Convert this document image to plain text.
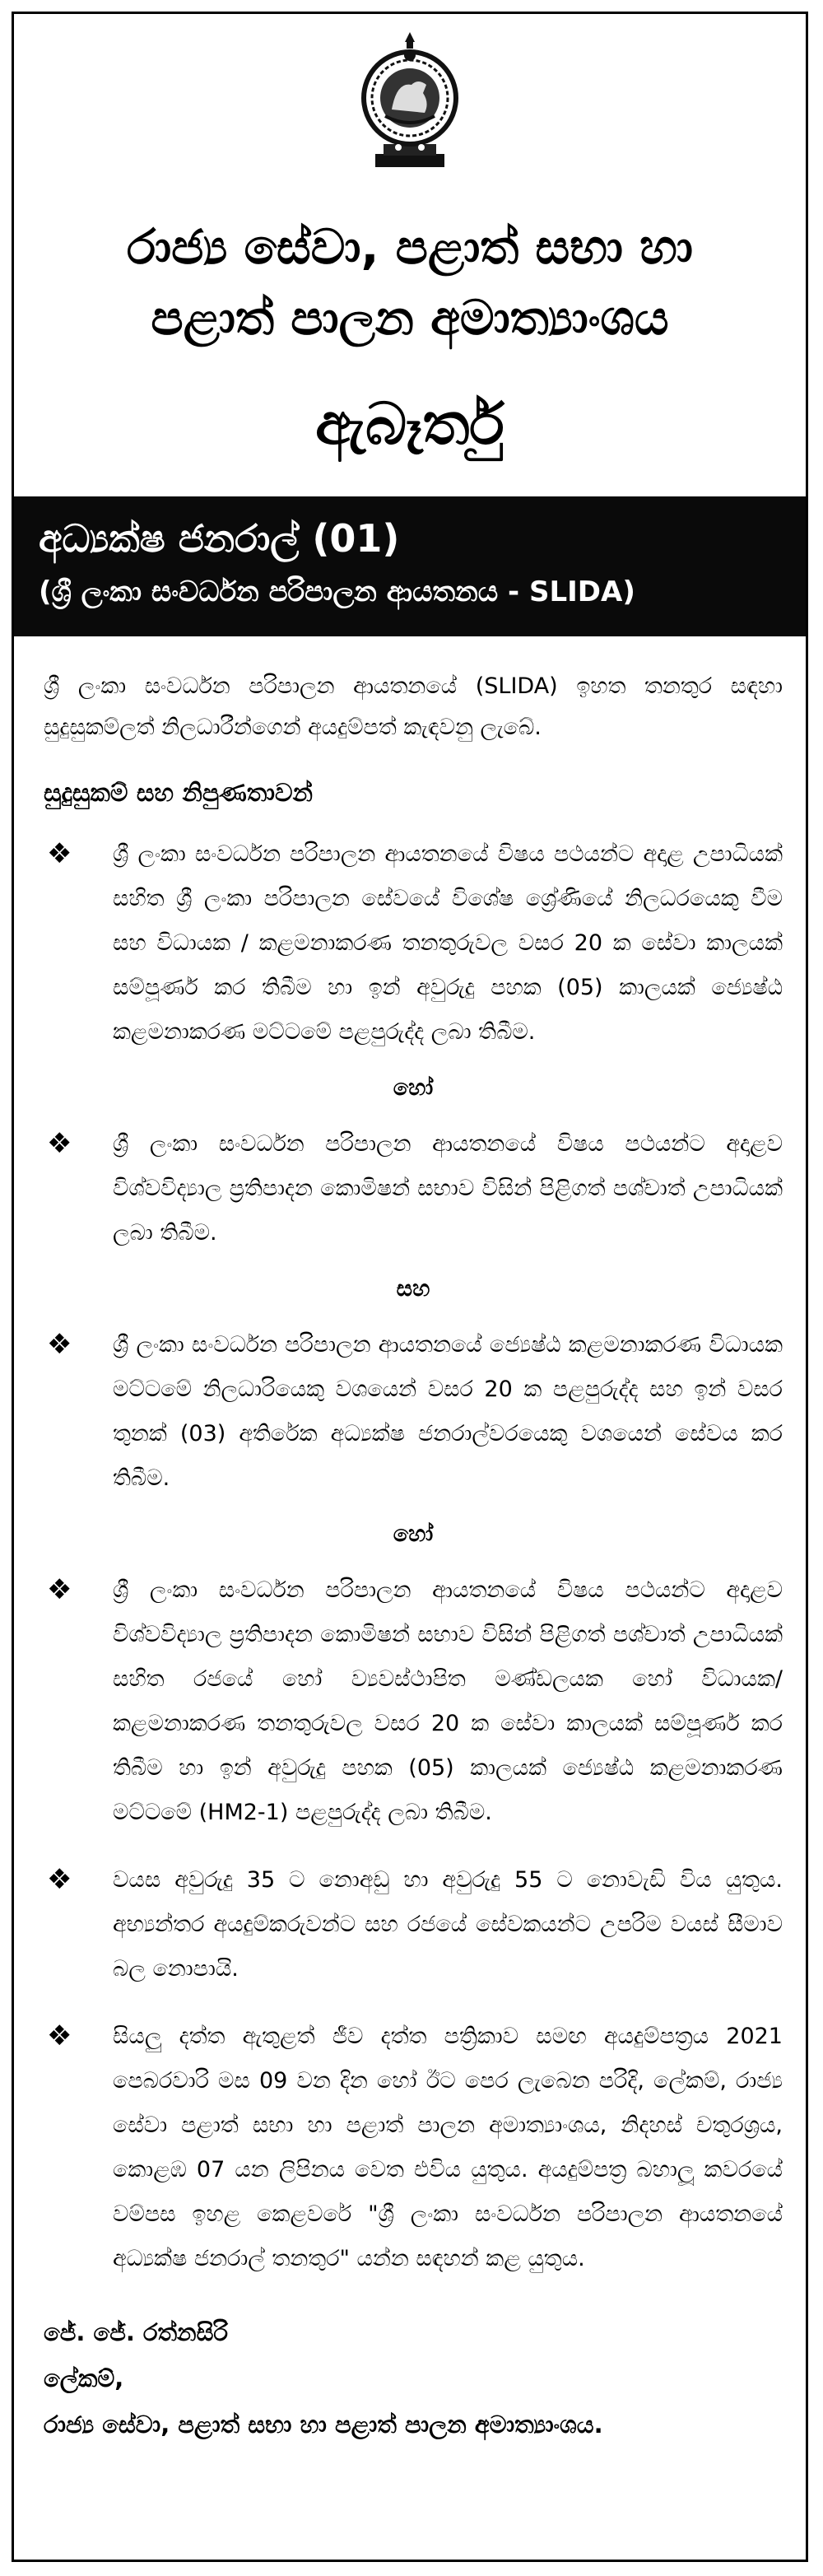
රාජ්‍ය සේවා, පළාත් සභා හා

පළාත් පාලන අමාත්‍යාංශය

ඇබෑර්තු

අධ්‍යක්ෂ ජනරාල් (01)
(ශ්‍රී ලංකා සංවර්ධන පරිපාලන ආයතනය - SLIDA)

ශ්‍රී ලංකා සංවර්ධන පරිපාලන ආයතනයේ (SLIDA) ඉහත තනතුර සඳහා සුදුසුකම්ලත් නිලධාරීන්ගෙන් අයදුම්පත් කැඳවනු ලැබේ.

සුදුසුකම් සහ නිපුණතාවන්
❖ ශ්‍රී ලංකා සංවර්ධන පරිපාලන ආයතනයේ විෂය පථයන්ට අදාළ උපාධියක් සහිත ශ්‍රී ලංකා පරිපාලන සේවයේ විශේෂ ශ්‍රේණියේ නිලධරයෙකු වීම සහ විධායක / කළමනාකරණ තනතුරුවල වසර 20 ක සේවා කාලයක් සම්පූර්ණ කර තිබීම හා ඉන් අවුරුදු පහක (05) කාලයක් ජ්‍යෙෂ්ඨ කළමනාකරණ මට්ටමේ පළපුරුද්ද ලබා තිබීම.

හෝ
❖ ශ්‍රී ලංකා සංවර්ධන පරිපාලන ආයතනයේ විෂය පථයන්ට අදාළව විශ්වවිද්‍යාල ප්‍රතිපාදන කොමිෂන් සභාව විසින් පිළිගත් පශ්චාත් උපාධියක් ලබා තිබීම.

සහ
❖ ශ්‍රී ලංකා සංවර්ධන පරිපාලන ආයතනයේ ජ්‍යෙෂ්ඨ කළමනාකරණ විධායක මට්ටමේ නිලධාරියෙකු වශයෙන් වසර 20 ක පළපුරුද්ද සහ ඉන් වසර තුනක් (03) අතිරේක අධ්‍යක්ෂ ජනරාල්වරයෙකු වශයෙන් සේවය කර තිබීම.

හෝ
❖ ශ්‍රී ලංකා සංවර්ධන පරිපාලන ආයතනයේ විෂය පථයන්ට අදාළව විශ්වවිද්‍යාල ප්‍රතිපාදන කොමිෂන් සභාව විසින් පිළිගත් පශ්චාත් උපාධියක් සහිත රජයේ හෝ ව්‍යවස්ථාපිත මණ්ඩලයක හෝ විධායක/ කළමනාකරණ තනතුරුවල වසර 20 ක සේවා කාලයක් සම්පූර්ණ කර තිබීම හා ඉන් අවුරුදු පහක (05) කාලයක් ජ්‍යෙෂ්ඨ කළමනාකරණ මට්ටමේ (HM2-1) පළපුරුද්ද ලබා තිබීම.

❖ වයස අවුරුදු 35 ට නොඅඩු හා අවුරුදු 55 ට නොවැඩි විය යුතුය. අභ්‍යන්තර අයදුම්කරුවන්ට සහ රජයේ සේවකයන්ට උපරිම වයස් සීමාව බල නොපායි.

❖ සියලු දත්ත ඇතුළත් ජීව දත්ත පත්‍රිකාව සමඟ අයදුම්පත්‍රය 2021 පෙබරවාරි මස 09 වන දින හෝ ඊට පෙර ලැබෙන පරිදි, ලේකම්, රාජ්‍ය සේවා පළාත් සභා හා පළාත් පාලන අමාත්‍යාංශය, නිදහස් චතුරශ්‍රය, කොළඹ 07 යන ලිපිනය වෙත එවිය යුතුය. අයදුම්පත්‍ර බහාලූ කවරයේ වම්පස ඉහළ කෙළවරේ "ශ්‍රී ලංකා සංවර්ධන පරිපාලන ආයතනයේ අධ්‍යක්ෂ ජනරාල් තනතුර" යන්න සඳහන් කළ යුතුය.

ජේ. ජේ. රත්නසිරි
ලේකම්,
රාජ්‍ය සේවා, පළාත් සභා හා පළාත් පාලන අමාත්‍යාංශය.
